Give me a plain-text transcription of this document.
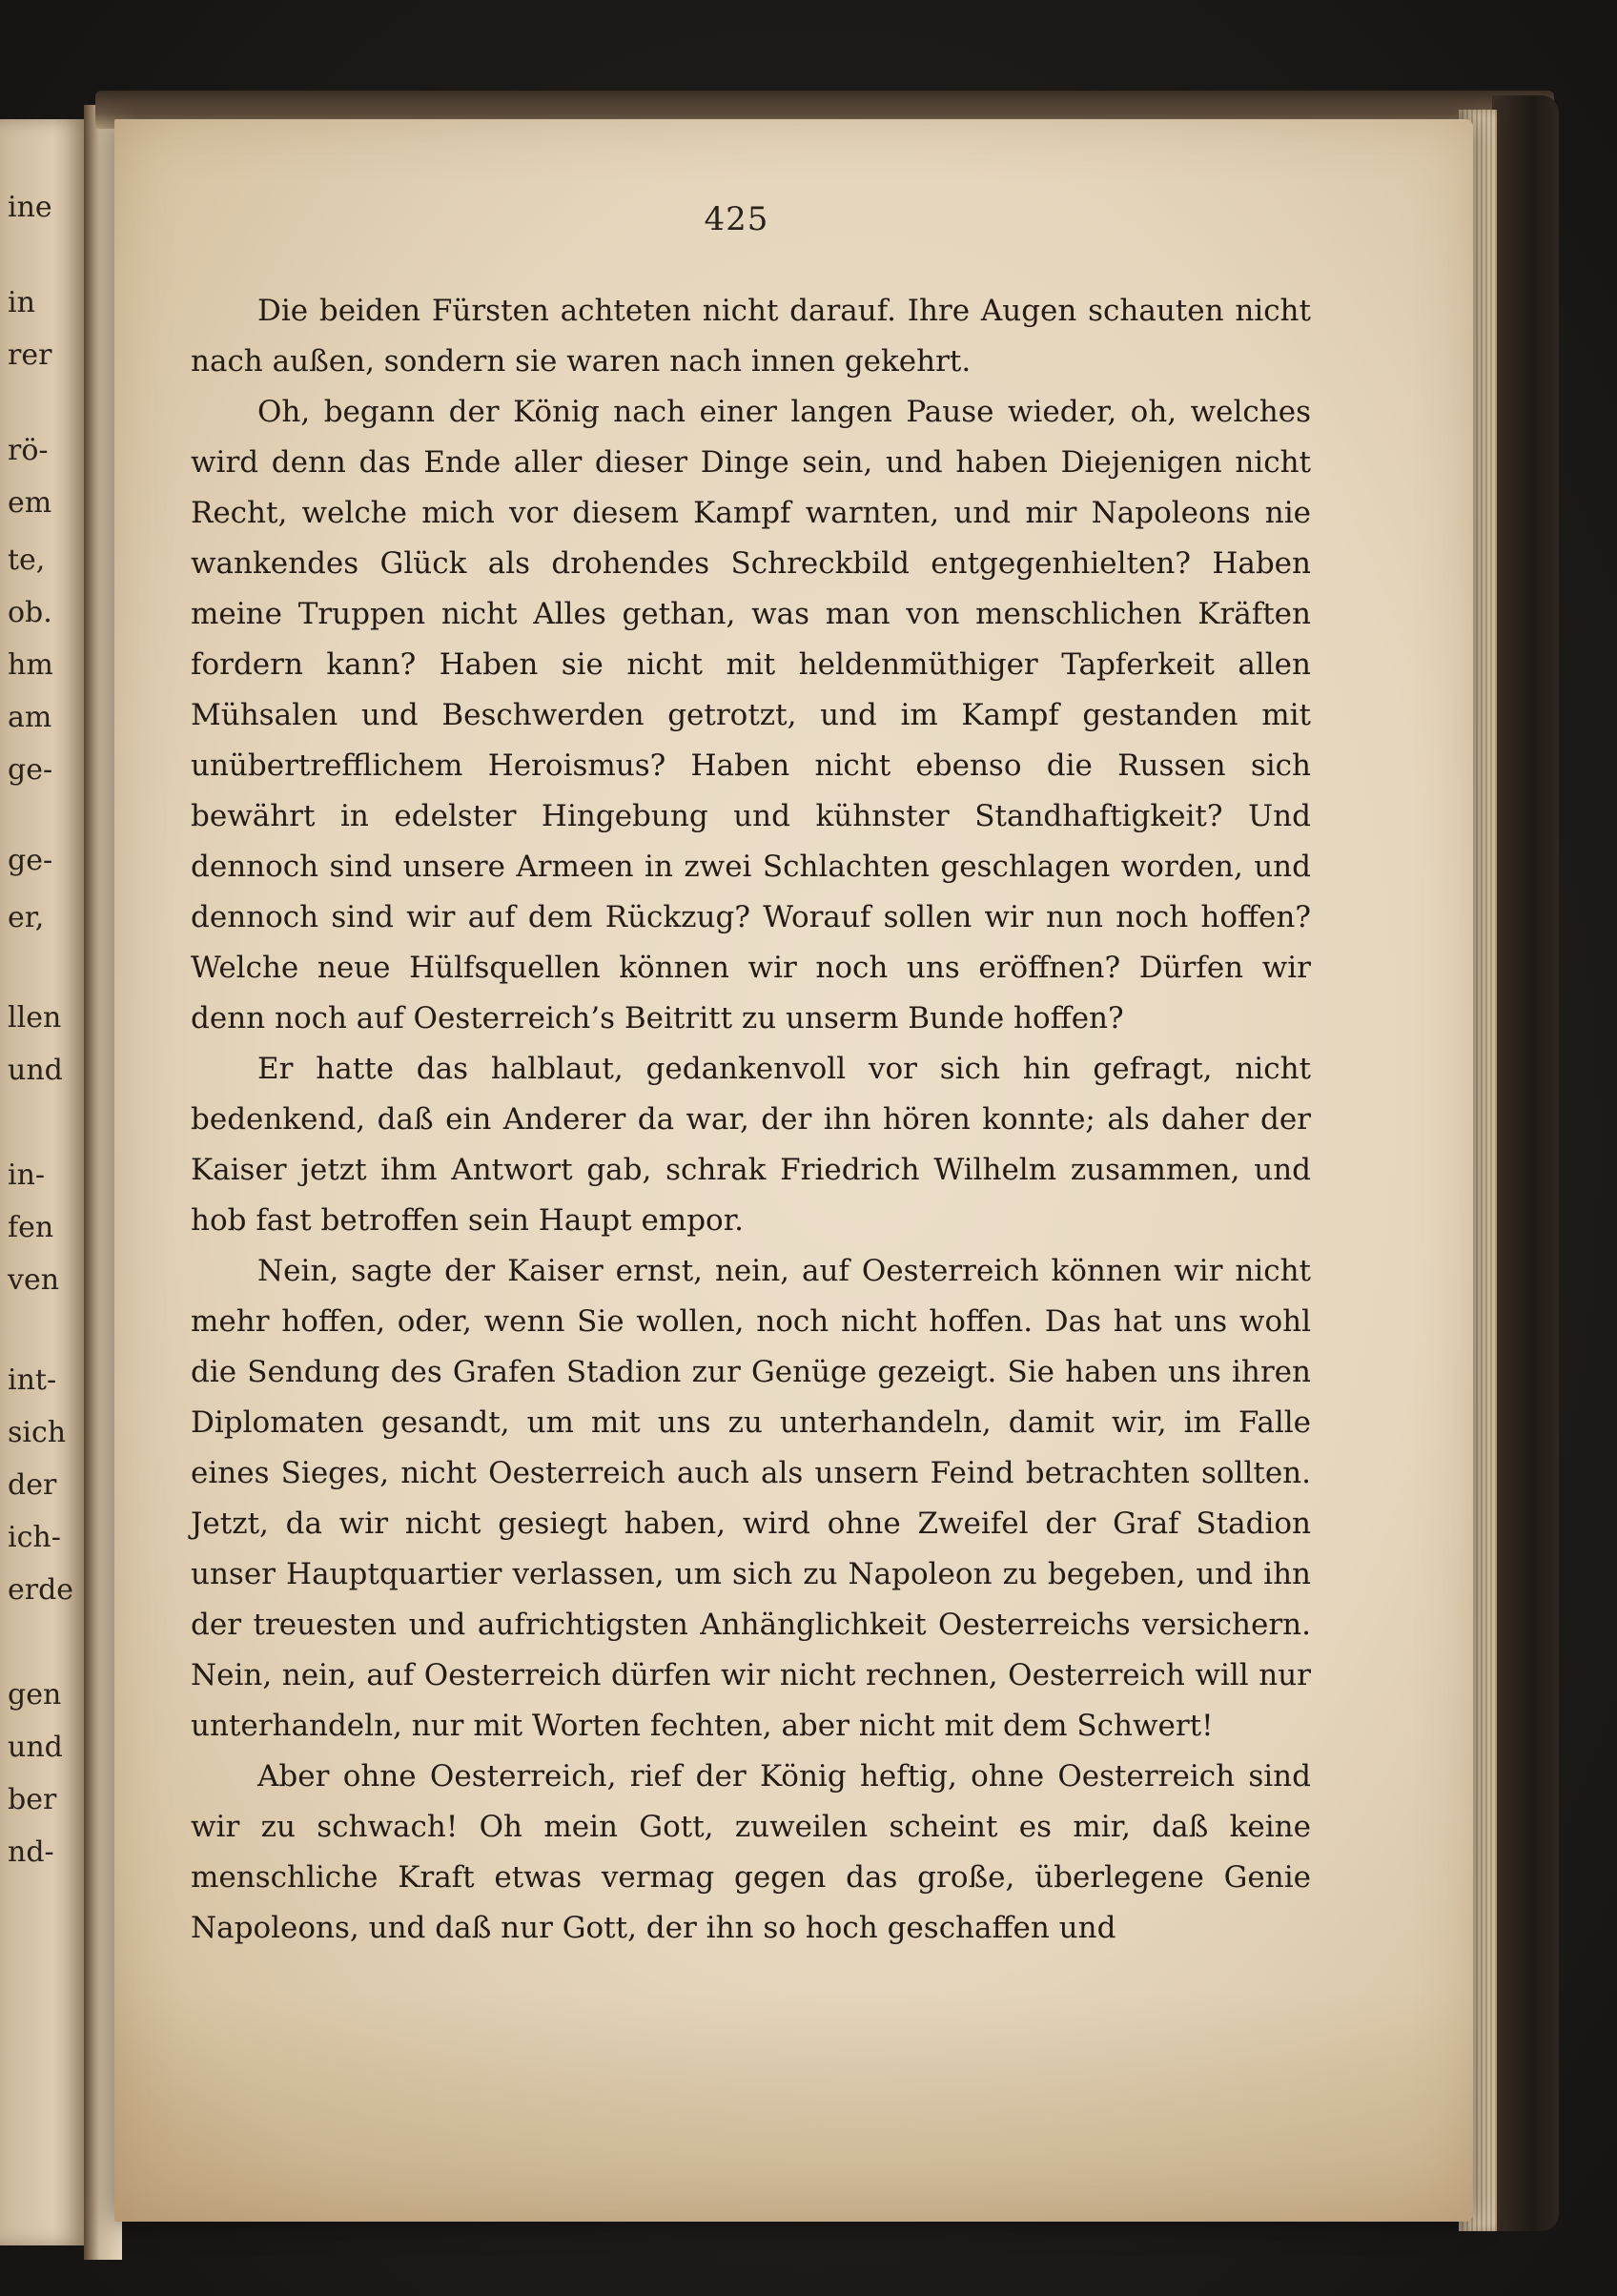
ine
in
rer
rö-
em
te,
ob.
hm
am
ge-
ge-
er,
llen
und
in-
fen
ven
int-
sich
der
ich-
erde
gen
und
ber
nd-
425

Die beiden Fürsten achteten nicht darauf. Ihre Augen schauten nicht nach außen, sondern sie waren nach innen gekehrt.

Oh, begann der König nach einer langen Pause wieder, oh, welches wird denn das Ende aller dieser Dinge sein, und haben Diejenigen nicht Recht, welche mich vor diesem Kampf warnten, und mir Napoleons nie wankendes Glück als drohendes Schreckbild entgegenhielten? Haben meine Truppen nicht Alles gethan, was man von menschlichen Kräften fordern kann? Haben sie nicht mit heldenmüthiger Tapferkeit allen Mühsalen und Beschwerden getrotzt, und im Kampf gestanden mit unübertrefflichem Heroismus? Haben nicht ebenso die Russen sich bewährt in edelster Hingebung und kühnster Standhaftigkeit? Und dennoch sind unsere Armeen in zwei Schlachten geschlagen worden, und dennoch sind wir auf dem Rückzug? Worauf sollen wir nun noch hoffen? Welche neue Hülfsquellen können wir noch uns eröffnen? Dürfen wir denn noch auf Oesterreich’s Beitritt zu unserm Bunde hoffen?

Er hatte das halblaut, gedankenvoll vor sich hin gefragt, nicht bedenkend, daß ein Anderer da war, der ihn hören konnte; als daher der Kaiser jetzt ihm Antwort gab, schrak Friedrich Wilhelm zusammen, und hob fast betroffen sein Haupt empor.

Nein, sagte der Kaiser ernst, nein, auf Oesterreich können wir nicht mehr hoffen, oder, wenn Sie wollen, noch nicht hoffen. Das hat uns wohl die Sendung des Grafen Stadion zur Genüge gezeigt. Sie haben uns ihren Diplomaten gesandt, um mit uns zu unterhandeln, damit wir, im Falle eines Sieges, nicht Oesterreich auch als unsern Feind betrachten sollten. Jetzt, da wir nicht gesiegt haben, wird ohne Zweifel der Graf Stadion unser Hauptquartier verlassen, um sich zu Napoleon zu begeben, und ihn der treuesten und aufrichtigsten Anhänglichkeit Oesterreichs versichern. Nein, nein, auf Oesterreich dürfen wir nicht rechnen, Oesterreich will nur unterhandeln, nur mit Worten fechten, aber nicht mit dem Schwert!

Aber ohne Oesterreich, rief der König heftig, ohne Oesterreich sind wir zu schwach! Oh mein Gott, zuweilen scheint es mir, daß keine menschliche Kraft etwas vermag gegen das große, überlegene Genie Napoleons, und daß nur Gott, der ihn so hoch geschaffen und
